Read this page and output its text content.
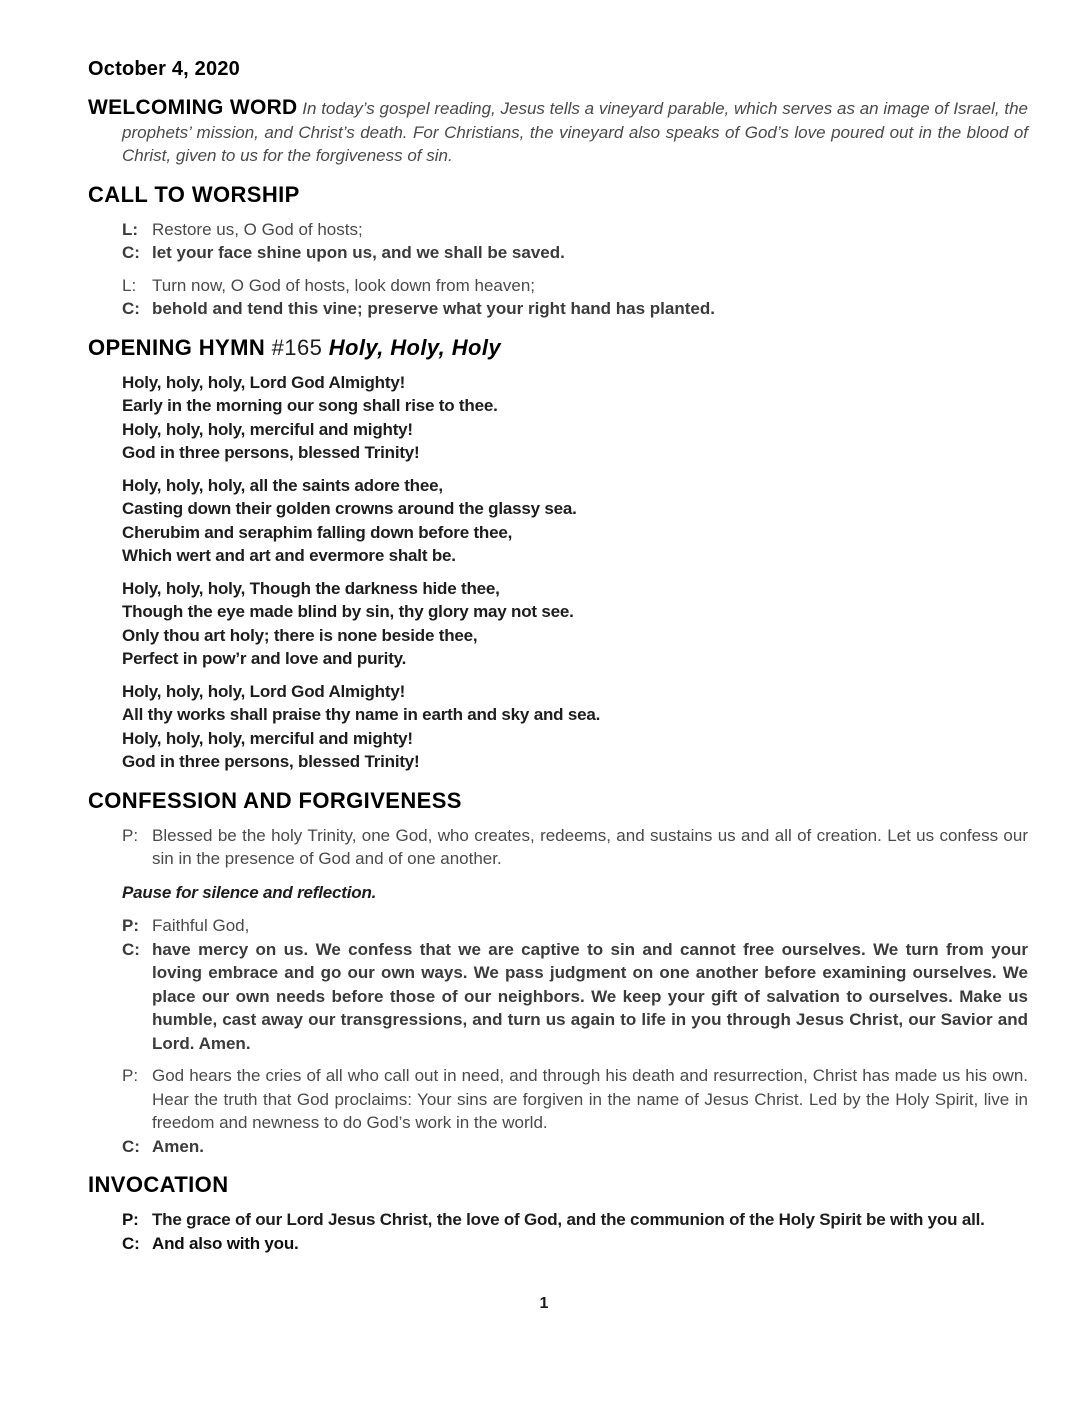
October 4, 2020

WELCOMING WORD In today’s gospel reading, Jesus tells a vineyard parable, which serves as an image of Israel, the prophets’ mission, and Christ’s death. For Christians, the vineyard also speaks of God’s love poured out in the blood of Christ, given to us for the forgiveness of sin.

CALL TO WORSHIP
L: Restore us, O God of hosts;
C: let your face shine upon us, and we shall be saved.
L: Turn now, O God of hosts, look down from heaven;
C: behold and tend this vine; preserve what your right hand has planted.
OPENING HYMN #165 Holy, Holy, Holy
Holy, holy, holy, Lord God Almighty!
Early in the morning our song shall rise to thee.
Holy, holy, holy, merciful and mighty!
God in three persons, blessed Trinity!
Holy, holy, holy, all the saints adore thee,
Casting down their golden crowns around the glassy sea.
Cherubim and seraphim falling down before thee,
Which wert and art and evermore shalt be.
Holy, holy, holy, Though the darkness hide thee,
Though the eye made blind by sin, thy glory may not see.
Only thou art holy; there is none beside thee,
Perfect in pow’r and love and purity.
Holy, holy, holy, Lord God Almighty!
All thy works shall praise thy name in earth and sky and sea.
Holy, holy, holy, merciful and mighty!
God in three persons, blessed Trinity!
CONFESSION AND FORGIVENESS
P: Blessed be the holy Trinity, one God, who creates, redeems, and sustains us and all of creation. Let us confess our sin in the presence of God and of one another.
Pause for silence and reflection.
P: Faithful God,
C: have mercy on us. We confess that we are captive to sin and cannot free ourselves. We turn from your loving embrace and go our own ways. We pass judgment on one another before examining ourselves. We place our own needs before those of our neighbors. We keep your gift of salvation to ourselves. Make us humble, cast away our transgressions, and turn us again to life in you through Jesus Christ, our Savior and Lord. Amen.
P: God hears the cries of all who call out in need, and through his death and resurrection, Christ has made us his own. Hear the truth that God proclaims: Your sins are forgiven in the name of Jesus Christ. Led by the Holy Spirit, live in freedom and newness to do God’s work in the world.
C: Amen.
INVOCATION
P: The grace of our Lord Jesus Christ, the love of God, and the communion of the Holy Spirit be with you all.
C: And also with you.
1
